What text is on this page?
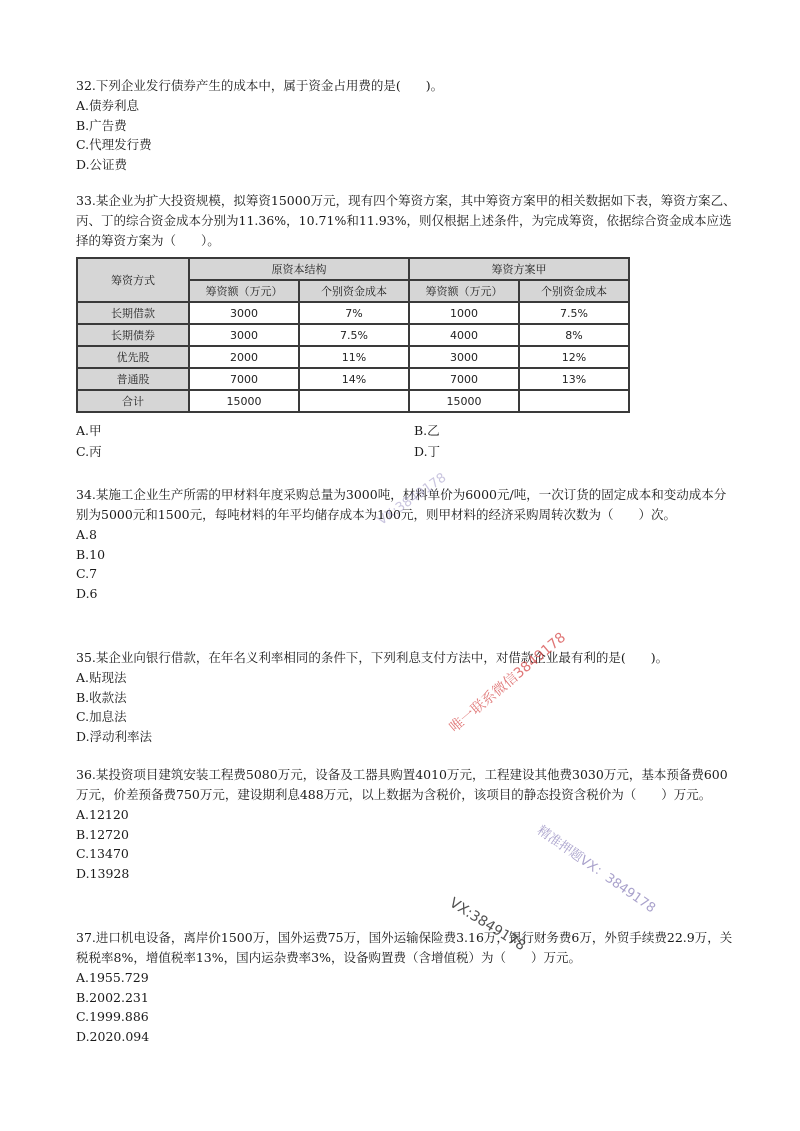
32.下列企业发行债券产生的成本中，属于资金占用费的是(　　)。

A.债券利息

B.广告费

C.代理发行费

D.公证费

33.某企业为扩大投资规模，拟筹资15000万元，现有四个筹资方案，其中筹资方案甲的相关数据如下表，筹资方案乙、丙、丁的综合资金成本分别为11.36%，10.71%和11.93%，则仅根据上述条件，为完成筹资，依据综合资金成本应选择的筹资方案为（　　）。

筹资方式	原资本结构		筹资方案甲	
	筹资额（万元）	个别资金成本	筹资额（万元）	个别资金成本
长期借款	3000	7%	1000	7.5%
长期债券	3000	7.5%	4000	8%
优先股	2000	11%	3000	12%
普通股	7000	14%	7000	13%
合计	15000		15000	

A.甲	B.乙

C.丙	D.丁

34.某施工企业生产所需的甲材料年度采购总量为3000吨，材料单价为6000元/吨，一次订货的固定成本和变动成本分别为5000元和1500元，每吨材料的年平均储存成本为100元，则甲材料的经济采购周转次数为（　　）次。

A.8

B.10

C.7

D.6

35.某企业向银行借款，在年名义利率相同的条件下，下列利息支付方法中，对借款企业最有利的是(　　)。

A.贴现法

B.收款法

C.加息法

D.浮动利率法

36.某投资项目建筑安装工程费5080万元，设备及工器具购置4010万元，工程建设其他费3030万元，基本预备费600万元，价差预备费750万元，建设期利息488万元，以上数据为含税价，该项目的静态投资含税价为（　　）万元。

A.12120

B.12720

C.13470

D.13928

37.进口机电设备，离岸价1500万，国外运费75万，国外运输保险费3.16万，银行财务费6万，外贸手续费22.9万，关税税率8%，增值税率13%，国内运杂费率3%，设备购置费（含增值税）为（　　）万元。

A.1955.729

B.2002.231

C.1999.886

D.2020.094

VX:3849178
唯一联系微信3849178
精准押题VX：3849178
VX:3849178
